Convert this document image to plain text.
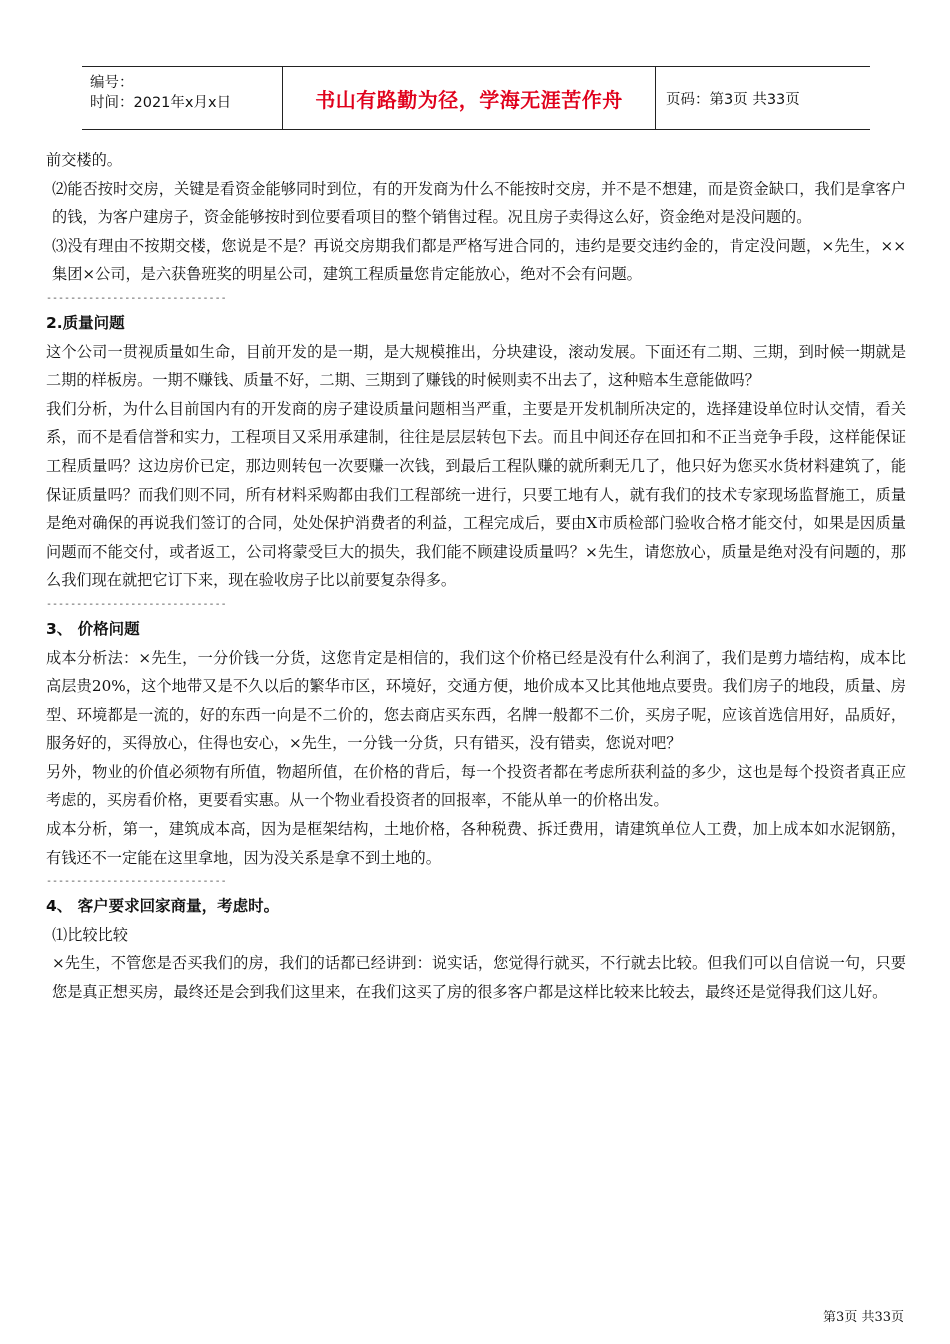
编号：
时间：2021年x月x日	书山有路勤为径，学海无涯苦作舟	页码：第3页 共33页

前交楼的。

⑵能否按时交房，关键是看资金能够同时到位，有的开发商为什么不能按时交房，并不是不想建，而是资金缺口，我们是拿客户的钱，为客户建房子，资金能够按时到位要看项目的整个销售过程。况且房子卖得这么好，资金绝对是没问题的。

⑶没有理由不按期交楼，您说是不是？再说交房期我们都是严格写进合同的，违约是要交违约金的，肯定没问题，×先生，××集团×公司，是六获鲁班奖的明星公司，建筑工程质量您肯定能放心，绝对不会有问题。

------------------------------

2.质量问题

这个公司一贯视质量如生命，目前开发的是一期，是大规模推出，分块建设，滚动发展。下面还有二期、三期，到时候一期就是二期的样板房。一期不赚钱、质量不好，二期、三期到了赚钱的时候则卖不出去了，这种赔本生意能做吗？

我们分析，为什么目前国内有的开发商的房子建设质量问题相当严重，主要是开发机制所决定的，选择建设单位时认交情，看关系，而不是看信誉和实力，工程项目又采用承建制，往往是层层转包下去。而且中间还存在回扣和不正当竞争手段，这样能保证工程质量吗？这边房价已定，那边则转包一次要赚一次钱，到最后工程队赚的就所剩无几了，他只好为您买水货材料建筑了，能保证质量吗？而我们则不同，所有材料采购都由我们工程部统一进行，只要工地有人，就有我们的技术专家现场监督施工，质量是绝对确保的再说我们签订的合同，处处保护消费者的利益，工程完成后，要由X市质检部门验收合格才能交付，如果是因质量问题而不能交付，或者返工，公司将蒙受巨大的损失，我们能不顾建设质量吗？×先生，请您放心，质量是绝对没有问题的，那么我们现在就把它订下来，现在验收房子比以前要复杂得多。

------------------------------

3、 价格问题

成本分析法：×先生，一分价钱一分货，这您肯定是相信的，我们这个价格已经是没有什么利润了，我们是剪力墙结构，成本比高层贵20%，这个地带又是不久以后的繁华市区，环境好，交通方便，地价成本又比其他地点要贵。我们房子的地段，质量、房型、环境都是一流的，好的东西一向是不二价的，您去商店买东西，名牌一般都不二价，买房子呢，应该首选信用好，品质好，服务好的，买得放心，住得也安心，×先生，一分钱一分货，只有错买，没有错卖，您说对吧？

另外，物业的价值必须物有所值，物超所值，在价格的背后，每一个投资者都在考虑所获利益的多少，这也是每个投资者真正应考虑的，买房看价格，更要看实惠。从一个物业看投资者的回报率，不能从单一的价格出发。

成本分析，第一，建筑成本高，因为是框架结构，土地价格，各种税费、拆迁费用，请建筑单位人工费，加上成本如水泥钢筋，有钱还不一定能在这里拿地，因为没关系是拿不到土地的。

------------------------------

4、 客户要求回家商量，考虑时。

⑴比较比较

×先生，不管您是否买我们的房，我们的话都已经讲到：说实话，您觉得行就买，不行就去比较。但我们可以自信说一句，只要您是真正想买房，最终还是会到我们这里来，在我们这买了房的很多客户都是这样比较来比较去，最终还是觉得我们这儿好。

第3页 共33页
